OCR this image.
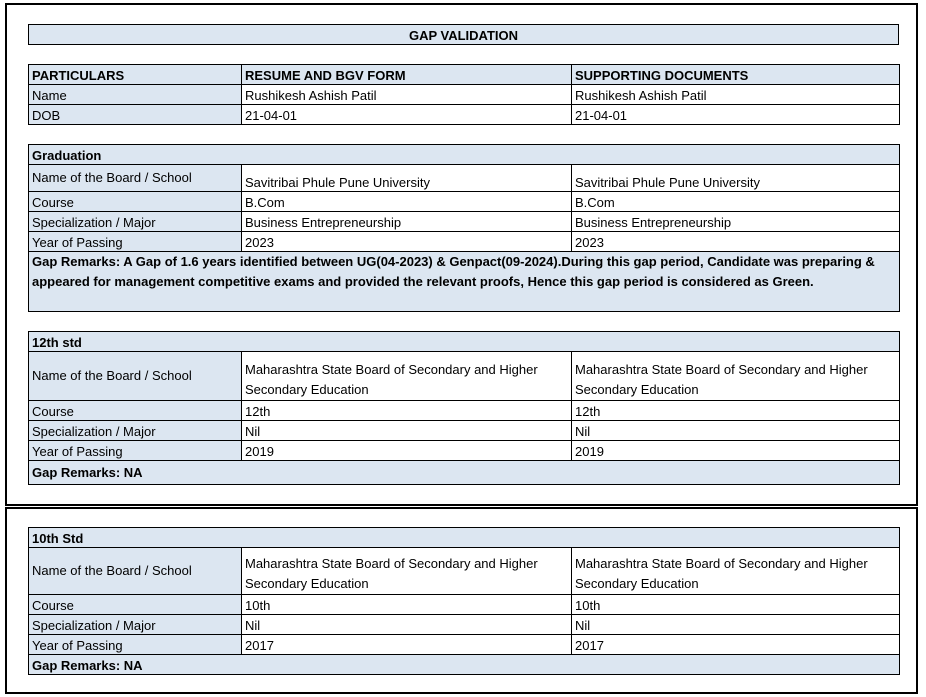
GAP VALIDATION
PARTICULARS	RESUME AND BGV FORM	SUPPORTING DOCUMENTS
Name	Rushikesh Ashish Patil	Rushikesh Ashish Patil
DOB	21-04-01	21-04-01
Graduation		
Name of the Board / School	Savitribai Phule Pune University	Savitribai Phule Pune University
Course	B.Com	B.Com
Specialization / Major	Business Entrepreneurship	Business Entrepreneurship
Year of Passing	2023	2023
Gap Remarks: A Gap of 1.6 years identified between UG(04-2023) & Genpact(09-2024).During this gap period, Candidate was preparing & appeared for management competitive exams and provided the relevant proofs, Hence this gap period is considered as Green.		
12th std		
Name of the Board / School	Maharashtra State Board of Secondary and Higher Secondary Education	Maharashtra State Board of Secondary and Higher Secondary Education
Course	12th	12th
Specialization / Major	Nil	Nil
Year of Passing	2019	2019
Gap Remarks: NA		
10th Std		
Name of the Board / School	Maharashtra State Board of Secondary and Higher Secondary Education	Maharashtra State Board of Secondary and Higher Secondary Education
Course	10th	10th
Specialization / Major	Nil	Nil
Year of Passing	2017	2017
Gap Remarks: NA		
